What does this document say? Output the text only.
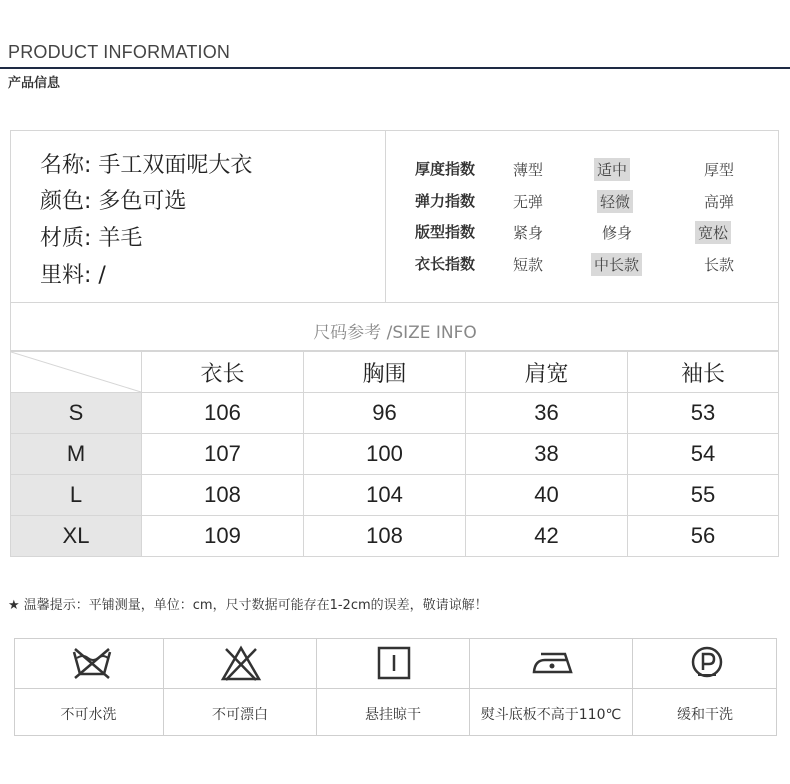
PRODUCT INFORMATION
产品信息
名称: 手工双面呢大衣
颜色: 多色可选
材质: 羊毛
里料: /
厚度指数	薄型	适中	厚型
弹力指数	无弹	轻微	高弹
版型指数	紧身	修身	宽松
衣长指数	短款	中长款	长款
尺码参考 /SIZE INFO
	衣长	胸围	肩宽	袖长
S	106	96	36	53
M	107	100	38	54
L	108	104	40	55
XL	109	108	42	56
★ 温馨提示：平铺测量，单位：cm，尺寸数据可能存在1-2cm的误差，敬请谅解！
不可水洗	不可漂白	悬挂晾干	熨斗底板不高于110℃	缓和干洗
